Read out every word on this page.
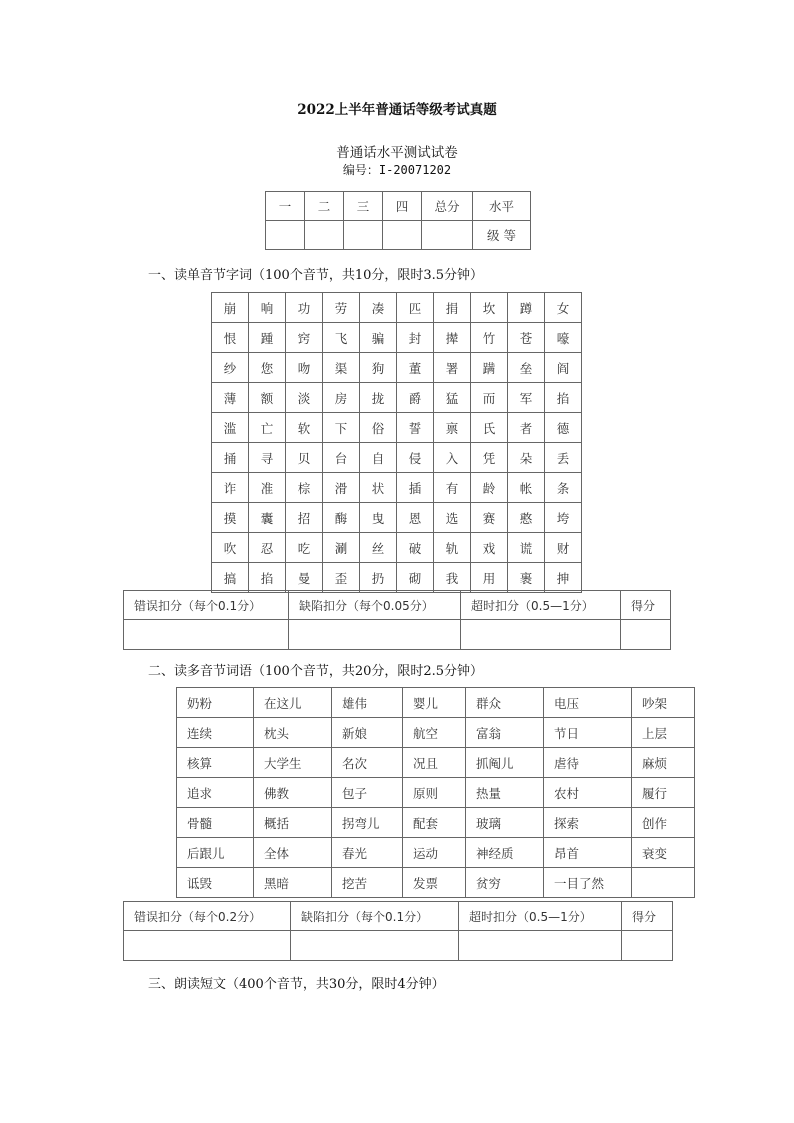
2022上半年普通话等级考试真题
普通话水平测试试卷
编号：I-20071202
一	二	三	四	总分	水平
					级 等
一、读单音节字词（100个音节，共10分，限时3.5分钟）
崩	响	功	劳	凑	匹	捐	坎	蹲	女
恨	踵	窍	飞	骗	封	撵	竹	苍	嚎
纱	您	吻	渠	狗	董	署	蹒	垒	阎
薄	额	淡	房	拢	爵	猛	而	军	掐
滥	亡	软	下	俗	誓	禀	氏	者	德
捅	寻	贝	台	自	侵	入	凭	朵	丢
诈	准	棕	滑	状	插	有	龄	帐	条
摸	囊	招	酶	曳	恩	选	赛	憨	垮
吹	忍	吃	涮	丝	破	轨	戏	谎	财
搞	掐	曼	歪	扔	砌	我	用	裹	抻
错误扣分（每个0.1分）	缺陷扣分（每个0.05分）	超时扣分（0.5—1分）	得分

二、读多音节词语（100个音节，共20分，限时2.5分钟）
奶粉	在这儿	雄伟	婴儿	群众	电压	吵架
连续	枕头	新娘	航空	富翁	节日	上层
核算	大学生	名次	况且	抓阄儿	虐待	麻烦
追求	佛教	包子	原则	热量	农村	履行
骨髓	概括	拐弯儿	配套	玻璃	探索	创作
后跟儿	全体	春光	运动	神经质	昂首	衰变
诋毁	黑暗	挖苦	发票	贫穷	一目了然	
错误扣分（每个0.2分）	缺陷扣分（每个0.1分）	超时扣分（0.5—1分）	得分

三、朗读短文（400个音节，共30分，限时4分钟）
